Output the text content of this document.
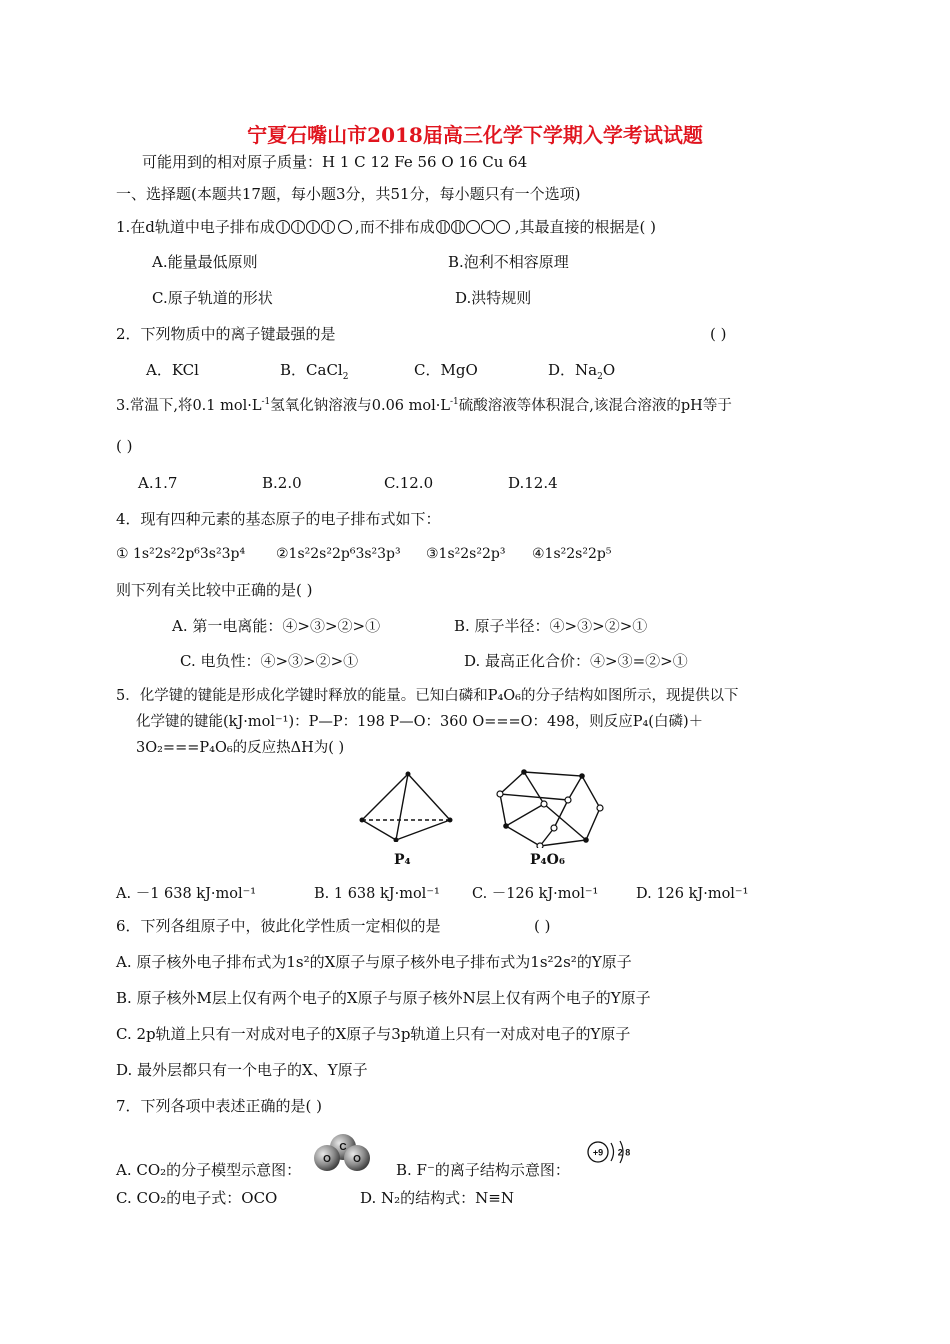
宁夏石嘴山市2018届高三化学下学期入学考试试题
可能用到的相对原子质量：H 1 C 12 Fe 56 O 16 Cu 64
一、选择题(本题共17题，每小题3分，共51分，每小题只有一个选项)
1.在d轨道中电子排布成	,而不排布成	,其最直接的根据是( )
A.能量最低原则	B.泡利不相容原理
C.原子轨道的形状	D.洪特规则
2．下列物质中的离子键最强的是	( )
A．KCl	B．CaCl$_2$	C．MgO	D．$Na_2O$
3.常温下,将0.1 $mol\cdot L^{-1}$氢氧化钠溶液与0.06 $mol\cdot L^{-1}$硫酸溶液等体积混合,该混合溶液的pH等于
( )
A.1.7	B.2.0	C.12.0	D.12.4
4．现有四种元素的基态原子的电子排布式如下：
① 1s²2s²2p⁶3s²3p⁴ ②1s²2s²2p⁶3s²3p³ ③1s²2s²2p³ ④1s²2s²2p⁵
则下列有关比较中正确的是( )
A. 第一电离能：④>③>②>①	B. 原子半径：④>③>②>①
C. 电负性：④>③>②>①	D. 最高正化合价：④>③=②>①
5．化学键的键能是形成化学键时释放的能量。已知白磷和P₄O₆的分子结构如图所示，现提供以下
化学键的键能(kJ·mol⁻¹)：P—P：198 P—O：360 O===O：498，则反应P₄(白磷)＋
3O₂===P₄O₆的反应热ΔH为( )
P₄	P₄O₆
A. －1 638 kJ·mol⁻¹	B. 1 638 kJ·mol⁻¹ C. －126 kJ·mol⁻¹	D. 126 kJ·mol⁻¹
6．下列各组原子中，彼此化学性质一定相似的是	( )
A. 原子核外电子排布式为1s²的X原子与原子核外电子排布式为1s²2s²的Y原子
B. 原子核外M层上仅有两个电子的X原子与原子核外N层上仅有两个电子的Y原子
C. 2p轨道上只有一对成对电子的X原子与3p轨道上只有一对成对电子的Y原子
D. 最外层都只有一个电子的X、Y原子
7．下列各项中表述正确的是( )
A. CO₂的分子模型示意图：
C
O O
B. F⁻的离子结构示意图：
+9 2 8
C. CO₂的电子式：OCO	D. N₂的结构式：N≡N
